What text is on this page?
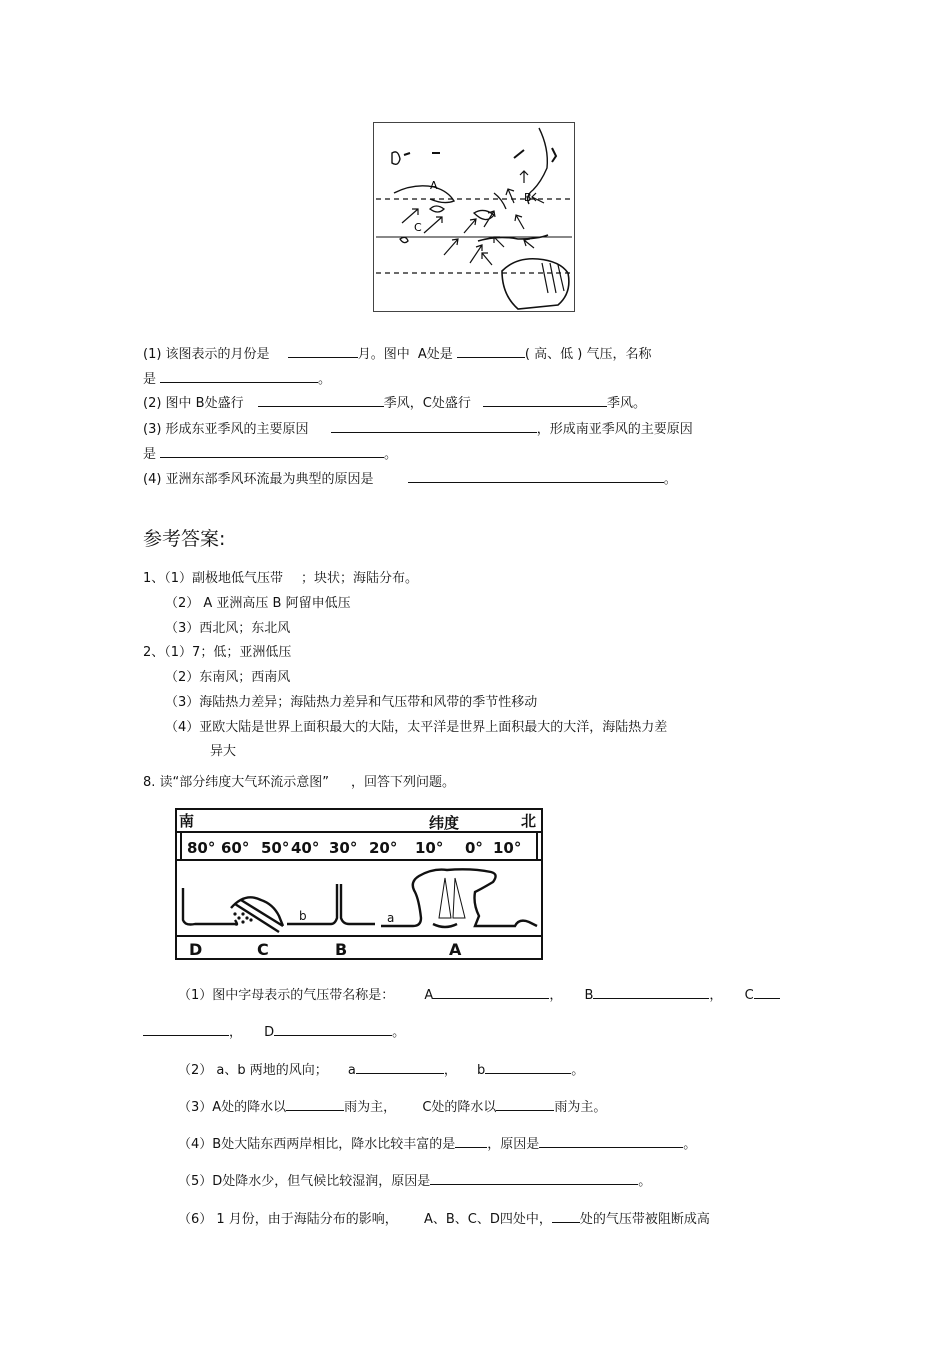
A
B
C
(1) 该图表示的月份是	月。图中 A处是	( 高、低 ) 气压，名称
是	。
(2) 图中 B处盛行	季风，C处盛行	季风。
(3) 形成东亚季风的主要原因	，形成南亚季风的主要原因
是	。
(4) 亚洲东部季风环流最为典型的原因是	。
参考答案:
1、（1）副极地低气压带 ；块状；海陆分布。
（2） A 亚洲高压 B 阿留申低压
（3）西北风；东北风
2、（1）7；低；亚洲低压
（2）东南风；西南风
（3）海陆热力差异；海陆热力差异和气压带和风带的季节性移动
（4）亚欧大陆是世界上面积最大的大陆，太平洋是世界上面积最大的大洋，海陆热力差
异大
8. 读“部分纬度大气环流示意图” ，回答下列问题。
南	纬度	北
80° 60° 50° 40° 30° 20° 10° 0° 10°
D	C	B	A
a
b
（1）图中字母表示的气压带名称是： A	， B	， C
， D	。
（2） a、b 两地的风向； a	， b	。
（3）A处的降水以	雨为主， C处的降水以	雨为主。
（4）B处大陆东西两岸相比，降水比较丰富的是 ，原因是	。
（5）D处降水少，但气候比较湿润，原因是	。
（6） 1 月份，由于海陆分布的影响， A、B、C、D四处中， 处的气压带被阻断成高
